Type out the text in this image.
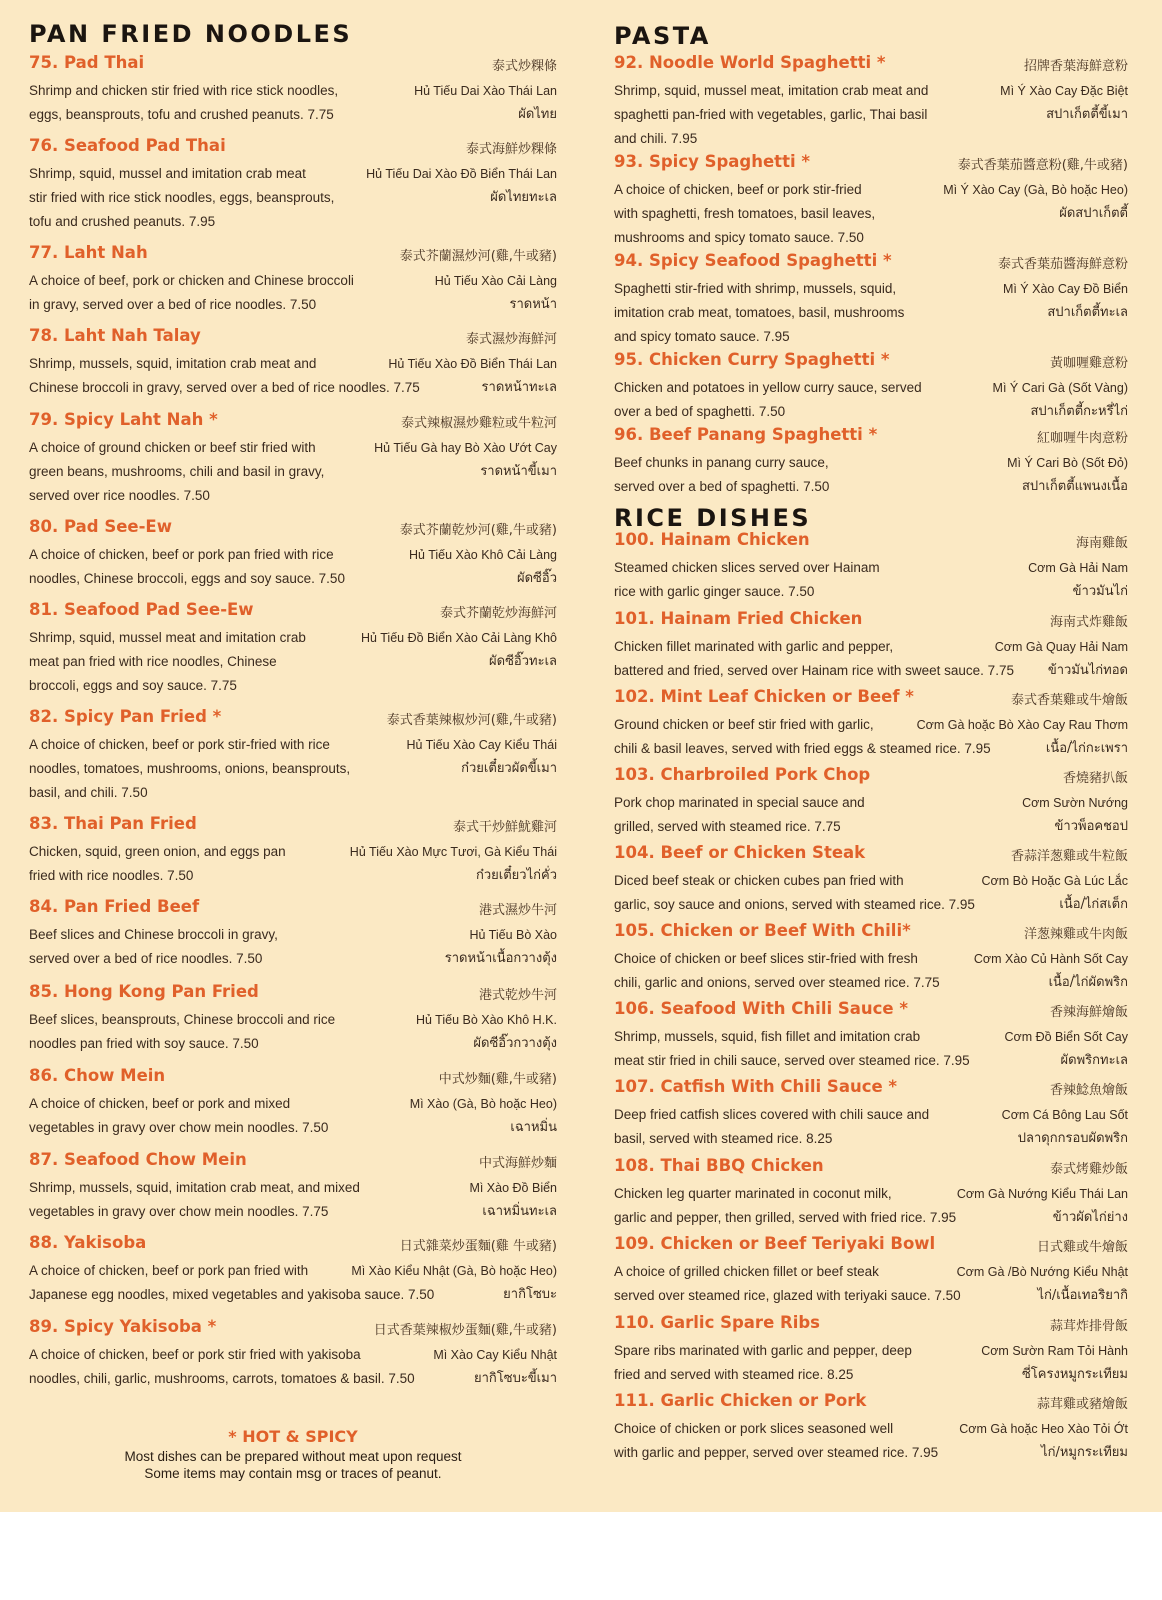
PAN FRIED NOODLES
75. Pad Thai	泰式炒粿條
Shrimp and chicken stir fried with rice stick noodles,	Hủ Tiếu Dai Xào Thái Lan
eggs, beansprouts, tofu and crushed peanuts. 7.75	ผัดไทย
76. Seafood Pad Thai	泰式海鮮炒粿條
Shrimp, squid, mussel and imitation crab meat	Hủ Tiếu Dai Xào Đồ Biển Thái Lan
stir fried with rice stick noodles, eggs, beansprouts,	ผัดไทยทะเล
tofu and crushed peanuts. 7.95
77. Laht Nah	泰式芥蘭濕炒河(雞,牛或豬)
A choice of beef, pork or chicken and Chinese broccoli	Hủ Tiếu Xào Cải Làng
in gravy, served over a bed of rice noodles. 7.50	ราดหน้า
78. Laht Nah Talay	泰式濕炒海鮮河
Shrimp, mussels, squid, imitation crab meat and	Hủ Tiếu Xào Đồ Biển Thái Lan
Chinese broccoli in gravy, served over a bed of rice noodles. 7.75	ราดหน้าทะเล
79. Spicy Laht Nah *	泰式辣椒濕炒雞粒或牛粒河
A choice of ground chicken or beef stir fried with	Hủ Tiếu Gà hay Bò Xào Ướt Cay
green beans, mushrooms, chili and basil in gravy,	ราดหน้าขี้เมา
served over rice noodles. 7.50
80. Pad See-Ew	泰式芥蘭乾炒河(雞,牛或豬)
A choice of chicken, beef or pork pan fried with rice	Hủ Tiếu Xào Khô Cải Làng
noodles, Chinese broccoli, eggs and soy sauce. 7.50	ผัดซีอิ๊ว
81. Seafood Pad See-Ew	泰式芥蘭乾炒海鮮河
Shrimp, squid, mussel meat and imitation crab	Hủ Tiếu Đồ Biển Xào Cải Làng Khô
meat pan fried with rice noodles, Chinese	ผัดซีอิ๊วทะเล
broccoli, eggs and soy sauce. 7.75
82. Spicy Pan Fried *	泰式香葉辣椒炒河(雞,牛或豬)
A choice of chicken, beef or pork stir-fried with rice	Hủ Tiếu Xào Cay Kiểu Thái
noodles, tomatoes, mushrooms, onions, beansprouts,	ก๋วยเตี๋ยวผัดขี้เมา
basil, and chili. 7.50
83. Thai Pan Fried	泰式干炒鮮魷雞河
Chicken, squid, green onion, and eggs pan	Hủ Tiếu Xào Mực Tươi, Gà Kiểu Thái
fried with rice noodles. 7.50	ก๋วยเตี๋ยวไก่คั่ว
84. Pan Fried Beef	港式濕炒牛河
Beef slices and Chinese broccoli in gravy,	Hủ Tiếu Bò Xào
served over a bed of rice noodles. 7.50	ราดหน้าเนื้อกวางตุ้ง
85. Hong Kong Pan Fried	港式乾炒牛河
Beef slices, beansprouts, Chinese broccoli and rice	Hủ Tiếu Bò Xào Khô H.K.
noodles pan fried with soy sauce. 7.50	ผัดซีอิ๊วกวางตุ้ง
86. Chow Mein	中式炒麵(雞,牛或豬)
A choice of chicken, beef or pork and mixed	Mì Xào (Gà, Bò hoặc Heo)
vegetables in gravy over chow mein noodles. 7.50	เฉาหมิ่น
87. Seafood Chow Mein	中式海鮮炒麵
Shrimp, mussels, squid, imitation crab meat, and mixed	Mì Xào Đồ Biển
vegetables in gravy over chow mein noodles. 7.75	เฉาหมิ่นทะเล
88. Yakisoba	日式雜菜炒蛋麵(雞 牛或豬)
A choice of chicken, beef or pork pan fried with	Mì Xào Kiểu Nhật (Gà, Bò hoặc Heo)
Japanese egg noodles, mixed vegetables and yakisoba sauce. 7.50	ยากิโซบะ
89. Spicy Yakisoba *	日式香葉辣椒炒蛋麵(雞,牛或豬)
A choice of chicken, beef or pork stir fried with yakisoba	Mì Xào Cay Kiểu Nhật
noodles, chili, garlic, mushrooms, carrots, tomatoes & basil. 7.50	ยากิโซบะขี้เมา
PASTA
92. Noodle World Spaghetti *	招牌香葉海鮮意粉
Shrimp, squid, mussel meat, imitation crab meat and	Mì Ý Xào Cay Đặc Biệt
spaghetti pan-fried with vegetables, garlic, Thai basil	สปาเก็ตตี้ขี้เมา
and chili. 7.95
93. Spicy Spaghetti *	泰式香葉茄醬意粉(雞,牛或豬)
A choice of chicken, beef or pork stir-fried	Mì Ý Xào Cay (Gà, Bò hoặc Heo)
with spaghetti, fresh tomatoes, basil leaves,	ผัดสปาเก็ตตี้
mushrooms and spicy tomato sauce. 7.50
94. Spicy Seafood Spaghetti *	泰式香葉茄醬海鮮意粉
Spaghetti stir-fried with shrimp, mussels, squid,	Mì Ý Xào Cay Đồ Biển
imitation crab meat, tomatoes, basil, mushrooms	สปาเก็ตตี้ทะเล
and spicy tomato sauce. 7.95
95. Chicken Curry Spaghetti *	黃咖喱雞意粉
Chicken and potatoes in yellow curry sauce, served	Mì Ý Cari Gà (Sốt Vàng)
over a bed of spaghetti. 7.50	สปาเก็ตตี้กะหรี่ไก่
96. Beef Panang Spaghetti *	紅咖喱牛肉意粉
Beef chunks in panang curry sauce,	Mì Ý Cari Bò (Sốt Đỏ)
served over a bed of spaghetti. 7.50	สปาเก็ตตี้แพนงเนื้อ
RICE DISHES
100. Hainam Chicken	海南雞飯
Steamed chicken slices served over Hainam	Cơm Gà Hải Nam
rice with garlic ginger sauce. 7.50	ข้าวมันไก่
101. Hainam Fried Chicken	海南式炸雞飯
Chicken fillet marinated with garlic and pepper,	Cơm Gà Quay Hải Nam
battered and fried, served over Hainam rice with sweet sauce. 7.75	ข้าวมันไก่ทอด
102. Mint Leaf Chicken or Beef *	泰式香葉雞或牛燴飯
Ground chicken or beef stir fried with garlic,	Cơm Gà hoặc Bò Xào Cay Rau Thơm
chili & basil leaves, served with fried eggs & steamed rice. 7.95	เนื้อ/ไก่กะเพรา
103. Charbroiled Pork Chop	香燒豬扒飯
Pork chop marinated in special sauce and	Cơm Sườn Nướng
grilled, served with steamed rice. 7.75	ข้าวพ็อคชอป
104. Beef or Chicken Steak	香蒜洋葱雞或牛粒飯
Diced beef steak or chicken cubes pan fried with	Cơm Bò Hoặc Gà Lúc Lắc
garlic, soy sauce and onions, served with steamed rice. 7.95	เนื้อ/ไก่สเต็ก
105. Chicken or Beef With Chili*	洋葱辣雞或牛肉飯
Choice of chicken or beef slices stir-fried with fresh	Cơm Xào Củ Hành Sốt Cay
chili, garlic and onions, served over steamed rice. 7.75	เนื้อ/ไก่ผัดพริก
106. Seafood With Chili Sauce *	香辣海鮮燴飯
Shrimp, mussels, squid, fish fillet and imitation crab	Cơm Đồ Biển Sốt Cay
meat stir fried in chili sauce, served over steamed rice. 7.95	ผัดพริกทะเล
107. Catfish With Chili Sauce *	香辣鯰魚燴飯
Deep fried catfish slices covered with chili sauce and	Cơm Cá Bông Lau Sốt
basil, served with steamed rice. 8.25	ปลาดุกกรอบผัดพริก
108. Thai BBQ Chicken	泰式烤雞炒飯
Chicken leg quarter marinated in coconut milk,	Cơm Gà Nướng Kiểu Thái Lan
garlic and pepper, then grilled, served with fried rice. 7.95	ข้าวผัดไก่ย่าง
109. Chicken or Beef Teriyaki Bowl	日式雞或牛燴飯
A choice of grilled chicken fillet or beef steak	Cơm Gà /Bò Nướng Kiểu Nhật
served over steamed rice, glazed with teriyaki sauce. 7.50	ไก่/เนื้อเทอริยากิ
110. Garlic Spare Ribs	蒜茸炸排骨飯
Spare ribs marinated with garlic and pepper, deep	Cơm Sườn Ram Tỏi Hành
fried and served with steamed rice. 8.25	ซี่โครงหมูกระเทียม
111. Garlic Chicken or Pork	蒜茸雞或豬燴飯
Choice of chicken or pork slices seasoned well	Cơm Gà hoặc Heo Xào Tỏi Ớt
with garlic and pepper, served over steamed rice. 7.95	ไก่/หมูกระเทียม
* HOT & SPICY
Most dishes can be prepared without meat upon request
Some items may contain msg or traces of peanut.
